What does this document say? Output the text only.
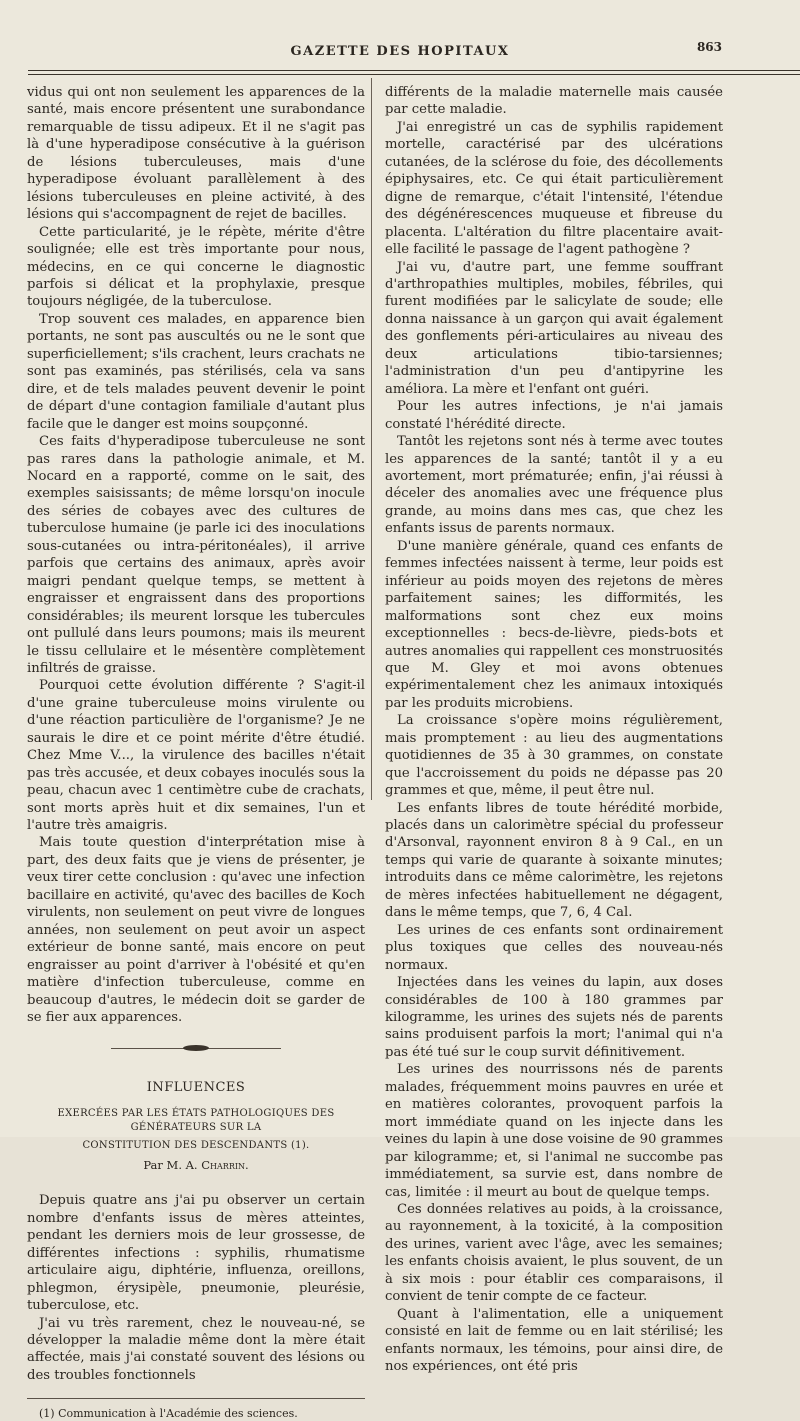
GAZETTE DES HOPITAUX	863

vidus qui ont non seulement les apparences de la santé, mais encore présentent une surabondance remarquable de tissu adipeux. Et il ne s'agit pas là d'une hyperadipose consécutive à la guérison de lésions tuberculeuses, mais d'une hyperadipose évoluant parallèlement à des lésions tuberculeuses en pleine activité, à des lésions qui s'accompagnent de rejet de bacilles.

Cette particularité, je le répète, mérite d'être soulignée; elle est très importante pour nous, médecins, en ce qui concerne le diagnostic parfois si délicat et la prophylaxie, presque toujours négligée, de la tuberculose.

Trop souvent ces malades, en apparence bien portants, ne sont pas auscultés ou ne le sont que superficiellement; s'ils crachent, leurs crachats ne sont pas examinés, pas stérilisés, cela va sans dire, et de tels malades peuvent devenir le point de départ d'une contagion familiale d'autant plus facile que le danger est moins soupçonné.

Ces faits d'hyperadipose tuberculeuse ne sont pas rares dans la pathologie animale, et M. Nocard en a rapporté, comme on le sait, des exemples saisissants; de même lorsqu'on inocule des séries de cobayes avec des cultures de tuberculose humaine (je parle ici des inoculations sous-cutanées ou intra-péritonéales), il arrive parfois que certains des animaux, après avoir maigri pendant quelque temps, se mettent à engraisser et engraissent dans des proportions considérables; ils meurent lorsque les tubercules ont pullulé dans leurs poumons; mais ils meurent le tissu cellulaire et le mésentère complètement infiltrés de graisse.

Pourquoi cette évolution différente ? S'agit-il d'une graine tuberculeuse moins virulente ou d'une réaction particulière de l'organisme? Je ne saurais le dire et ce point mérite d'être étudié. Chez Mme V..., la virulence des bacilles n'était pas très accusée, et deux cobayes inoculés sous la peau, chacun avec 1 centimètre cube de crachats, sont morts après huit et dix semaines, l'un et l'autre très amaigris.

Mais toute question d'interprétation mise à part, des deux faits que je viens de présenter, je veux tirer cette conclusion : qu'avec une infection bacillaire en activité, qu'avec des bacilles de Koch virulents, non seulement on peut vivre de longues années, non seulement on peut avoir un aspect extérieur de bonne santé, mais encore on peut engraisser au point d'arriver à l'obésité et qu'en matière d'infection tuberculeuse, comme en beaucoup d'autres, le médecin doit se garder de se fier aux apparences.

INFLUENCES
EXERCÉES PAR LES ÉTATS PATHOLOGIQUES DES GÉNÉRATEURS SUR LA
CONSTITUTION DES DESCENDANTS (1).
Par M. A. Charrin.

Depuis quatre ans j'ai pu observer un certain nombre d'enfants issus de mères atteintes, pendant les derniers mois de leur grossesse, de différentes infections : syphilis, rhumatisme articulaire aigu, diphtérie, influenza, oreillons, phlegmon, érysipèle, pneumonie, pleurésie, tuberculose, etc.

J'ai vu très rarement, chez le nouveau-né, se développer la maladie même dont la mère était affectée, mais j'ai constaté souvent des lésions ou des troubles fonctionnels

(1) Communication à l'Académie des sciences.

différents de la maladie maternelle mais causée par cette maladie.

J'ai enregistré un cas de syphilis rapidement mortelle, caractérisé par des ulcérations cutanées, de la sclérose du foie, des décollements épiphysaires, etc. Ce qui était particulièrement digne de remarque, c'était l'intensité, l'étendue des dégénérescences muqueuse et fibreuse du placenta. L'altération du filtre placentaire avait-elle facilité le passage de l'agent pathogène ?

J'ai vu, d'autre part, une femme souffrant d'arthropathies multiples, mobiles, fébriles, qui furent modifiées par le salicylate de soude; elle donna naissance à un garçon qui avait également des gonflements péri-articulaires au niveau des deux articulations tibio-tarsiennes; l'administration d'un peu d'antipyrine les améliora. La mère et l'enfant ont guéri.

Pour les autres infections, je n'ai jamais constaté l'hérédité directe.

Tantôt les rejetons sont nés à terme avec toutes les apparences de la santé; tantôt il y a eu avortement, mort prématurée; enfin, j'ai réussi à déceler des anomalies avec une fréquence plus grande, au moins dans mes cas, que chez les enfants issus de parents normaux.

D'une manière générale, quand ces enfants de femmes infectées naissent à terme, leur poids est inférieur au poids moyen des rejetons de mères parfaitement saines; les difformités, les malformations sont chez eux moins exceptionnelles : becs-de-lièvre, pieds-bots et autres anomalies qui rappellent ces monstruosités que M. Gley et moi avons obtenues expérimentalement chez les animaux intoxiqués par les produits microbiens.

La croissance s'opère moins régulièrement, mais promptement : au lieu des augmentations quotidiennes de 35 à 30 grammes, on constate que l'accroissement du poids ne dépasse pas 20 grammes et que, même, il peut être nul.

Les enfants libres de toute hérédité morbide, placés dans un calorimètre spécial du professeur d'Arsonval, rayonnent environ 8 à 9 Cal., en un temps qui varie de quarante à soixante minutes; introduits dans ce même calorimètre, les rejetons de mères infectées habituellement ne dégagent, dans le même temps, que 7, 6, 4 Cal.

Les urines de ces enfants sont ordinairement plus toxiques que celles des nouveau-nés normaux.

Injectées dans les veines du lapin, aux doses considérables de 100 à 180 grammes par kilogramme, les urines des sujets nés de parents sains produisent parfois la mort; l'animal qui n'a pas été tué sur le coup survit définitivement.

Les urines des nourrissons nés de parents malades, fréquemment moins pauvres en urée et en matières colorantes, provoquent parfois la mort immédiate quand on les injecte dans les veines du lapin à une dose voisine de 90 grammes par kilogramme; et, si l'animal ne succombe pas immédiatement, sa survie est, dans nombre de cas, limitée : il meurt au bout de quelque temps.

Ces données relatives au poids, à la croissance, au rayonnement, à la toxicité, à la composition des urines, varient avec l'âge, avec les semaines; les enfants choisis avaient, le plus souvent, de un à six mois : pour établir ces comparaisons, il convient de tenir compte de ce facteur.

Quant à l'alimentation, elle a uniquement consisté en lait de femme ou en lait stérilisé; les enfants normaux, les témoins, pour ainsi dire, de nos expériences, ont été pris
